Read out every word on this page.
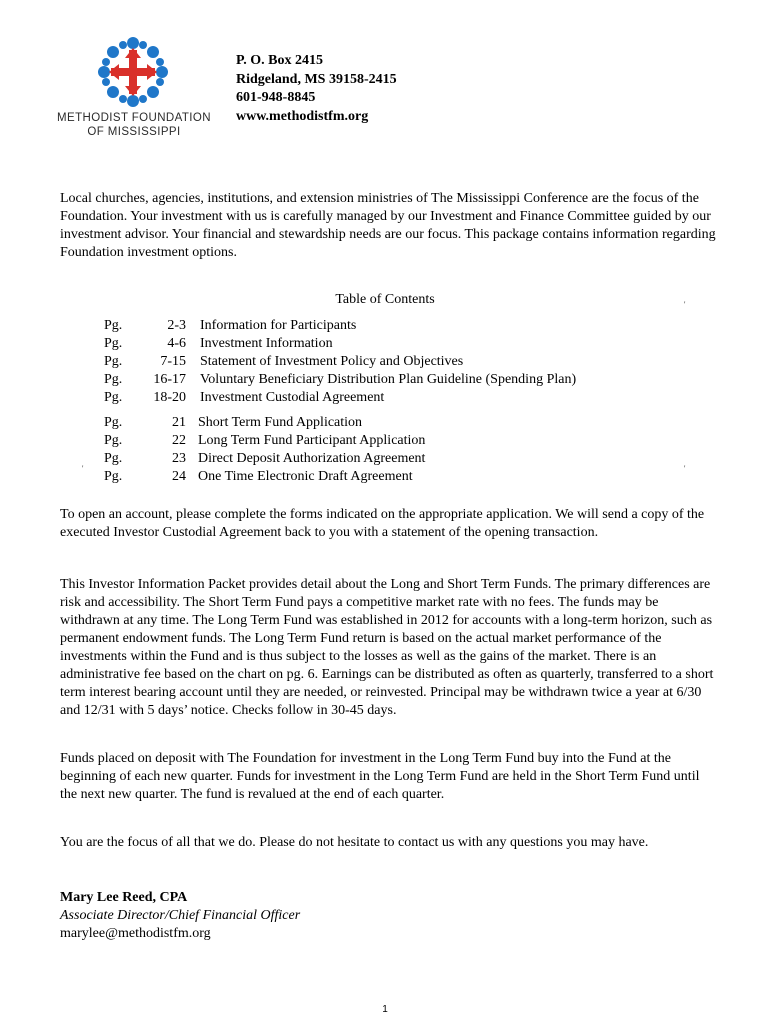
METHODIST FOUNDATION
OF MISSISSIPPI
P. O. Box 2415
Ridgeland, MS 39158-2415
601-948-8845
www.methodistfm.org

Local churches, agencies, institutions, and extension ministries of The Mississippi Conference are the focus of the Foundation. Your investment with us is carefully managed by our Investment and Finance Committee guided by our investment advisor. Your financial and stewardship needs are our focus. This package contains information regarding Foundation investment options.

Table of Contents
Pg.	2-3 Information for Participants
Pg.	4-6 Investment Information
Pg.	7-15 Statement of Investment Policy and Objectives
Pg.	16-17 Voluntary Beneficiary Distribution Plan Guideline (Spending Plan)
Pg.	18-20 Investment Custodial Agreement
Pg.	21 Short Term Fund Application
Pg.	22 Long Term Fund Participant Application
Pg.	23 Direct Deposit Authorization Agreement
Pg.	24 One Time Electronic Draft Agreement
'
'	'

To open an account, please complete the forms indicated on the appropriate application. We will send a copy of the executed Investor Custodial Agreement back to you with a statement of the opening transaction.

This Investor Information Packet provides detail about the Long and Short Term Funds. The primary differences are risk and accessibility. The Short Term Fund pays a competitive market rate with no fees. The funds may be withdrawn at any time. The Long Term Fund was established in 2012 for accounts with a long-term horizon, such as permanent endowment funds. The Long Term Fund return is based on the actual market performance of the investments within the Fund and is thus subject to the losses as well as the gains of the market. There is an administrative fee based on the chart on pg. 6. Earnings can be distributed as often as quarterly, transferred to a short term interest bearing account until they are needed, or reinvested. Principal may be withdrawn twice a year at 6/30 and 12/31 with 5 days’ notice. Checks follow in 30-45 days.

Funds placed on deposit with The Foundation for investment in the Long Term Fund buy into the Fund at the beginning of each new quarter. Funds for investment in the Long Term Fund are held in the Short Term Fund until the next new quarter. The fund is revalued at the end of each quarter.

You are the focus of all that we do. Please do not hesitate to contact us with any questions you may have.

Mary Lee Reed, CPA
Associate Director/Chief Financial Officer
marylee@methodistfm.org
1
